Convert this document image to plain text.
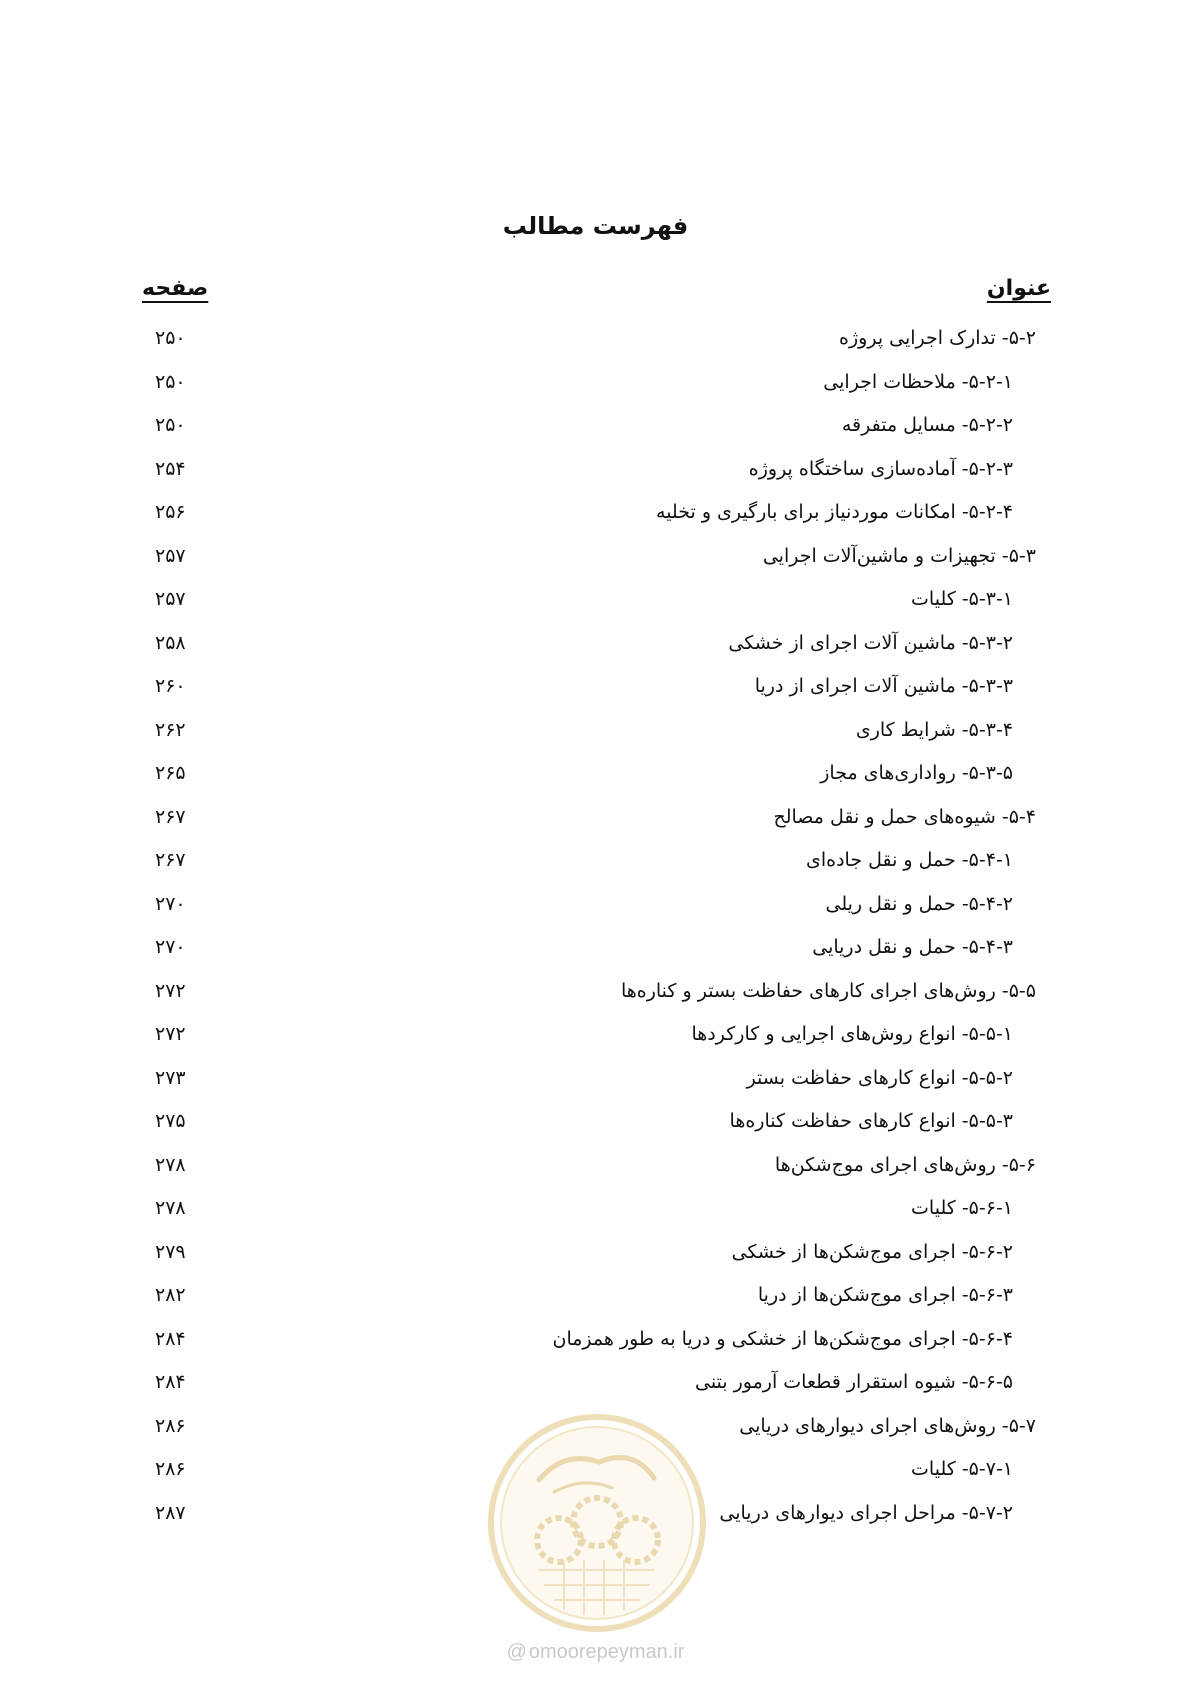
فهرست مطالب
عنوان
صفحه
۵-۲- تدارک اجرایی پروژه
۲۵۰
۵-۲-۱- ملاحظات اجرایی
۲۵۰
۵-۲-۲- مسایل متفرقه
۲۵۰
۵-۲-۳- آماده‌سازی ساختگاه پروژه
۲۵۴
۵-۲-۴- امکانات موردنیاز برای بارگیری و تخلیه
۲۵۶
۵-۳- تجهیزات و ماشین‌آلات اجرایی
۲۵۷
۵-۳-۱- کلیات
۲۵۷
۵-۳-۲- ماشین آلات اجرای از خشکی
۲۵۸
۵-۳-۳- ماشین آلات اجرای از دریا
۲۶۰
۵-۳-۴- شرایط کاری
۲۶۲
۵-۳-۵- رواداری‌های مجاز
۲۶۵
۵-۴- شیوه‌های حمل و نقل مصالح
۲۶۷
۵-۴-۱- حمل و نقل جاده‌ای
۲۶۷
۵-۴-۲- حمل و نقل ریلی
۲۷۰
۵-۴-۳- حمل و نقل دریایی
۲۷۰
۵-۵- روش‌های اجرای کارهای حفاظت بستر و کناره‌ها
۲۷۲
۵-۵-۱- انواع روش‌های اجرایی و کارکردها
۲۷۲
۵-۵-۲- انواع کارهای حفاظت بستر
۲۷۳
۵-۵-۳- انواع کارهای حفاظت کناره‌ها
۲۷۵
۵-۶- روش‌های اجرای موج‌شکن‌ها
۲۷۸
۵-۶-۱- کلیات
۲۷۸
۵-۶-۲- اجرای موج‌شکن‌ها از خشکی
۲۷۹
۵-۶-۳- اجرای موج‌شکن‌ها از دریا
۲۸۲
۵-۶-۴- اجرای موج‌شکن‌ها از خشکی و دریا به طور همزمان
۲۸۴
۵-۶-۵- شیوه استقرار قطعات آرمور بتنی
۲۸۴
۵-۷- روش‌های اجرای دیوارهای دریایی
۲۸۶
۵-۷-۱- کلیات
۲۸۶
۵-۷-۲- مراحل اجرای دیوارهای دریایی
۲۸۷
@ omoorepeyman.ir
